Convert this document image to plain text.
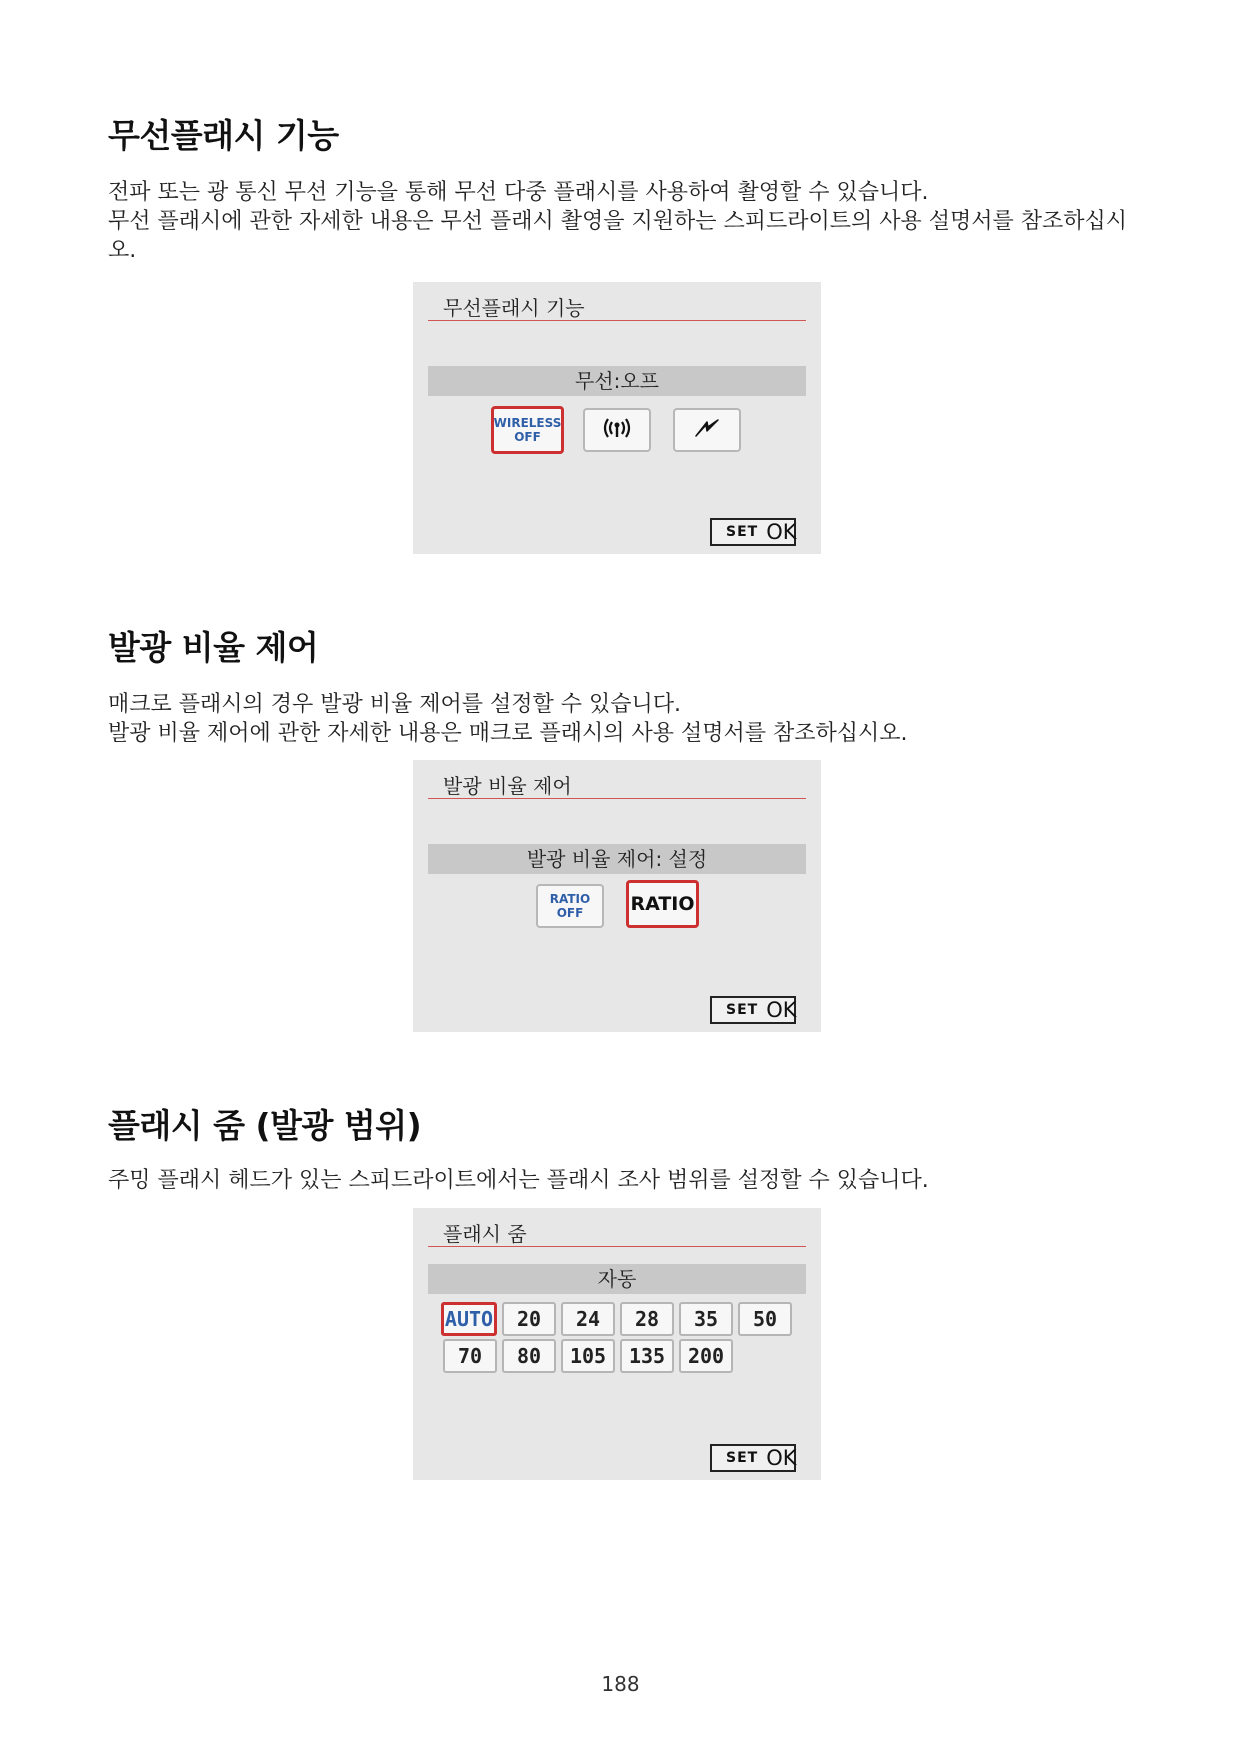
무선플래시 기능

전파 또는 광 통신 무선 기능을 통해 무선 다중 플래시를 사용하여 촬영할 수 있습니다.

무선 플래시에 관한 자세한 내용은 무선 플래시 촬영을 지원하는 스피드라이트의 사용 설명서를 참조하십시오.

무선플래시 기능
무선:오프
WIRELESS
OFF
SET OK
발광 비율 제어

매크로 플래시의 경우 발광 비율 제어를 설정할 수 있습니다.

발광 비율 제어에 관한 자세한 내용은 매크로 플래시의 사용 설명서를 참조하십시오.

발광 비율 제어
발광 비율 제어: 설정
RATIO
OFF	RATIO
SET OK
플래시 줌 (발광 범위)

주밍 플래시 헤드가 있는 스피드라이트에서는 플래시 조사 범위를 설정할 수 있습니다.

플래시 줌
자동
AUTO	20	24	28	35	50
70	80	105	135	200
SET OK
188
